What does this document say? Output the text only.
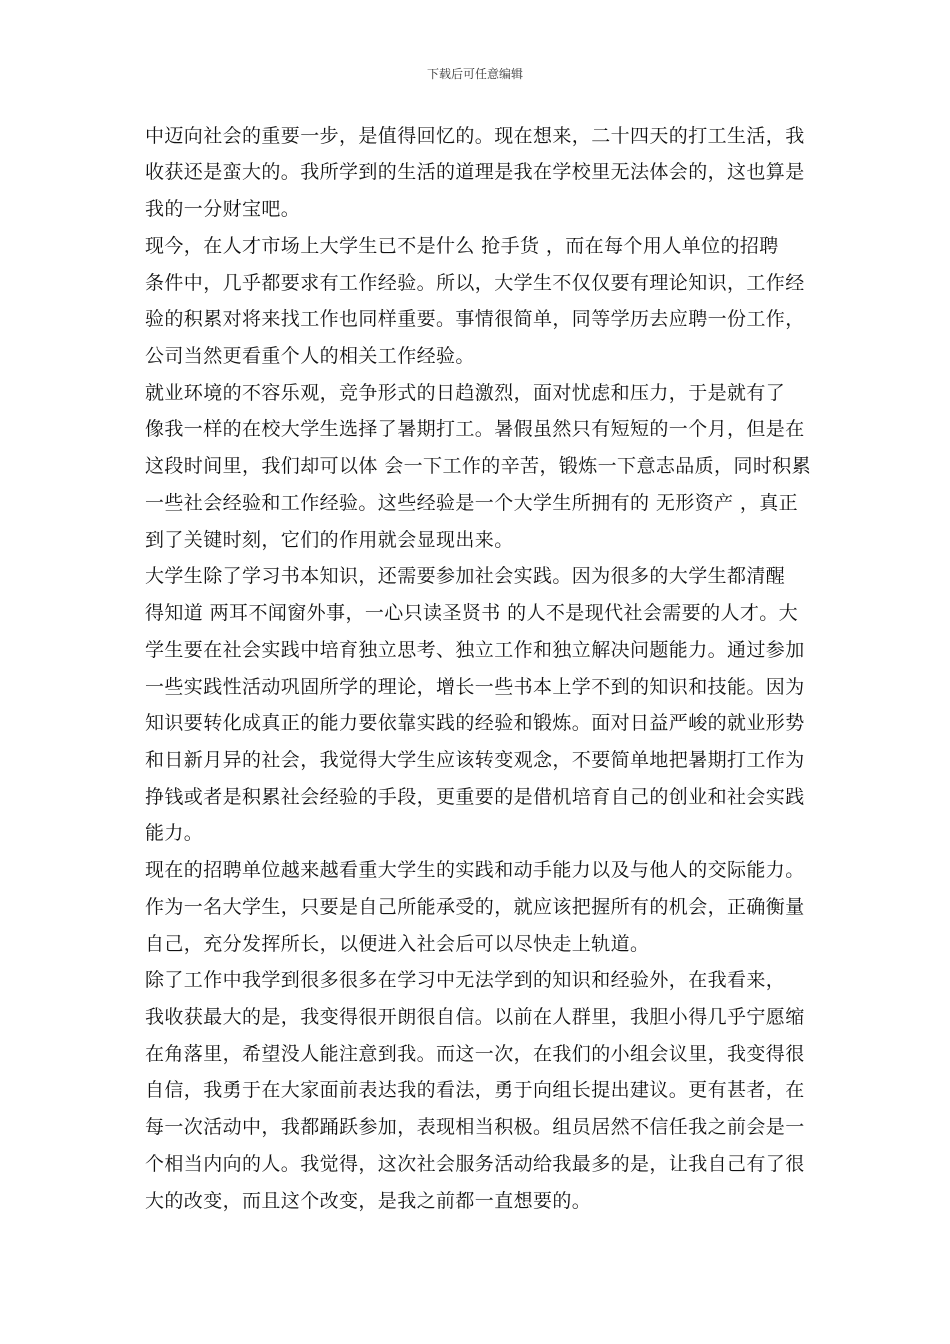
下载后可任意编辑
中迈向社会的重要一步，是值得回忆的。现在想来，二十四天的打工生活，我
收获还是蛮大的。我所学到的生活的道理是我在学校里无法体会的，这也算是
我的一分财宝吧。
现今，在人才市场上大学生已不是什么 抢手货 ，而在每个用人单位的招聘
条件中，几乎都要求有工作经验。所以，大学生不仅仅要有理论知识，工作经
验的积累对将来找工作也同样重要。事情很简单，同等学历去应聘一份工作，
公司当然更看重个人的相关工作经验。
就业环境的不容乐观，竞争形式的日趋激烈，面对忧虑和压力，于是就有了
像我一样的在校大学生选择了暑期打工。暑假虽然只有短短的一个月，但是在
这段时间里，我们却可以体 会一下工作的辛苦，锻炼一下意志品质，同时积累
一些社会经验和工作经验。这些经验是一个大学生所拥有的 无形资产 ，真正
到了关键时刻，它们的作用就会显现出来。
大学生除了学习书本知识，还需要参加社会实践。因为很多的大学生都清醒
得知道 两耳不闻窗外事，一心只读圣贤书 的人不是现代社会需要的人才。大
学生要在社会实践中培育独立思考、独立工作和独立解决问题能力。通过参加
一些实践性活动巩固所学的理论，增长一些书本上学不到的知识和技能。因为
知识要转化成真正的能力要依靠实践的经验和锻炼。面对日益严峻的就业形势
和日新月异的社会，我觉得大学生应该转变观念，不要简单地把暑期打工作为
挣钱或者是积累社会经验的手段，更重要的是借机培育自己的创业和社会实践
能力。
现在的招聘单位越来越看重大学生的实践和动手能力以及与他人的交际能力。
作为一名大学生，只要是自己所能承受的，就应该把握所有的机会，正确衡量
自己，充分发挥所长，以便进入社会后可以尽快走上轨道。
除了工作中我学到很多很多在学习中无法学到的知识和经验外，在我看来，
我收获最大的是，我变得很开朗很自信。以前在人群里，我胆小得几乎宁愿缩
在角落里，希望没人能注意到我。而这一次，在我们的小组会议里，我变得很
自信，我勇于在大家面前表达我的看法，勇于向组长提出建议。更有甚者，在
每一次活动中，我都踊跃参加，表现相当积极。组员居然不信任我之前会是一
个相当内向的人。我觉得，这次社会服务活动给我最多的是，让我自己有了很
大的改变，而且这个改变，是我之前都一直想要的。
